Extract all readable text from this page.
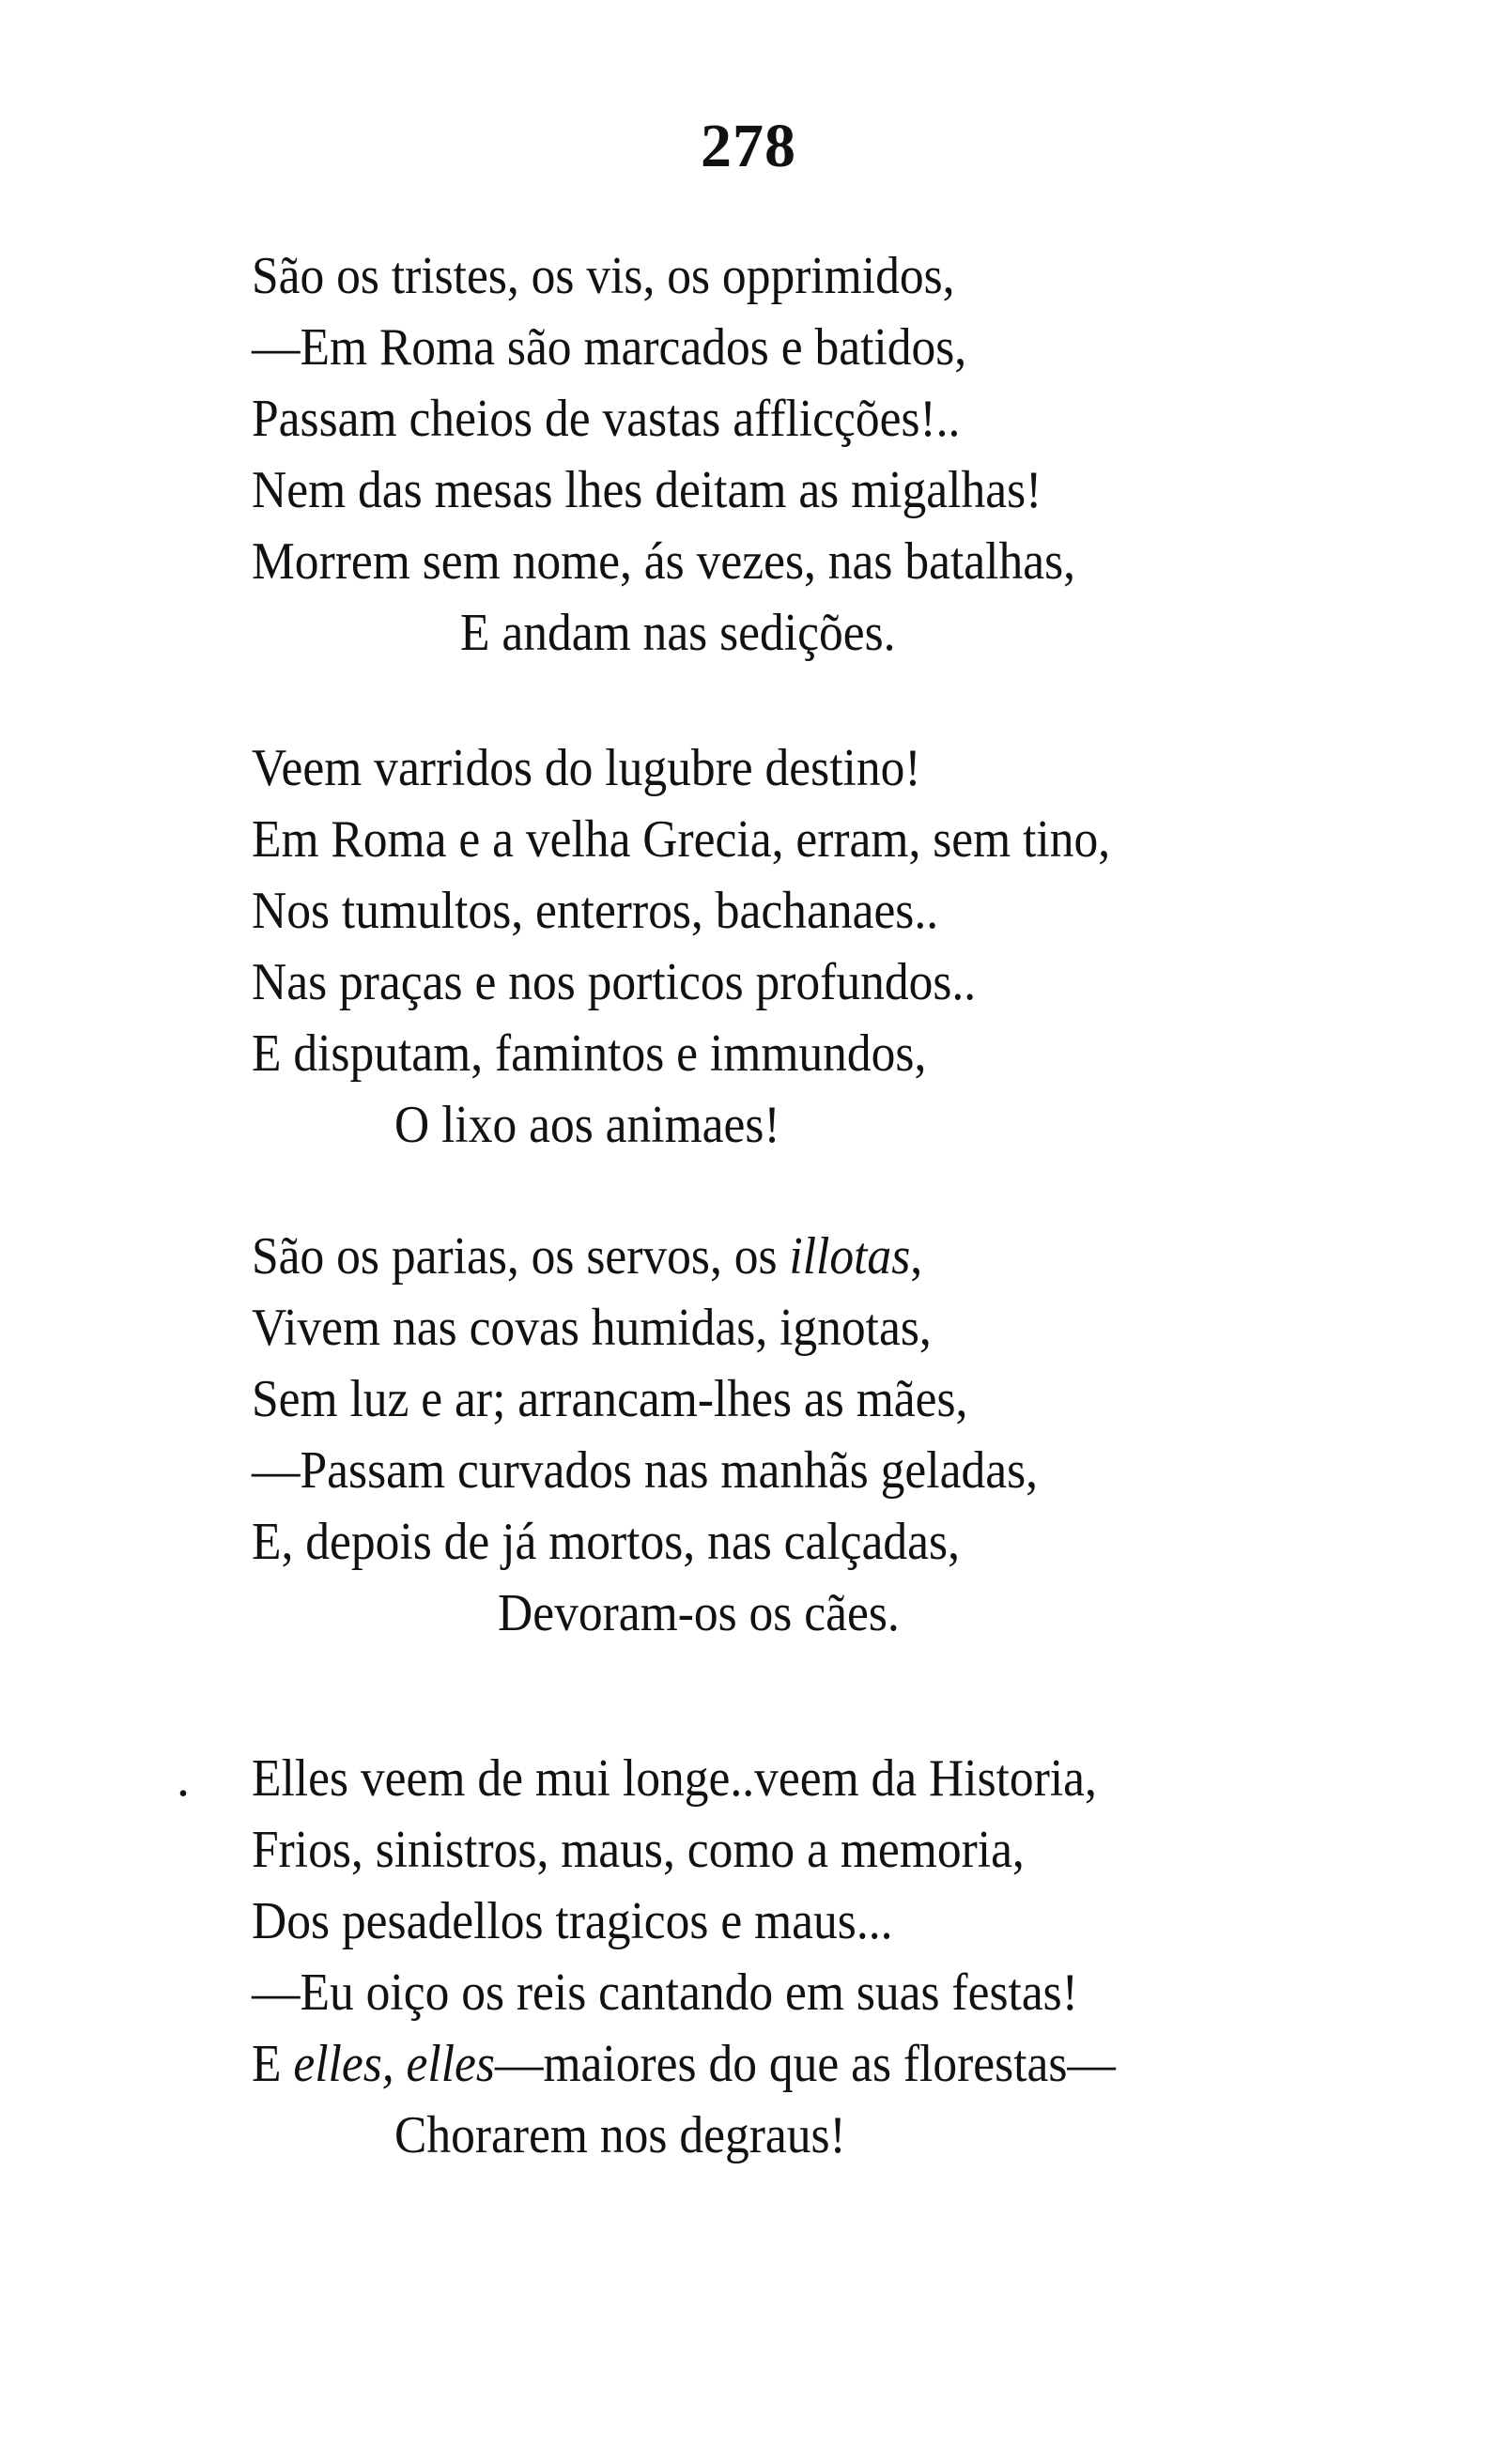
278
São os tristes, os vis, os opprimidos,
—Em Roma são marcados e batidos,
Passam cheios de vastas afflicções!..
Nem das mesas lhes deitam as migalhas!
Morrem sem nome, ás vezes, nas batalhas,
E andam nas sedições.
Veem varridos do lugubre destino!
Em Roma e a velha Grecia, erram, sem tino,
Nos tumultos, enterros, bachanaes..
Nas praças e nos porticos profundos..
E disputam, famintos e immundos,
O lixo aos animaes!
São os parias, os servos, os illotas,
Vivem nas covas humidas, ignotas,
Sem luz e ar; arrancam-lhes as mães,
—Passam curvados nas manhãs geladas,
E, depois de já mortos, nas calçadas,
Devoram-os os cães.
. Elles veem de mui longe..veem da Historia,
Frios, sinistros, maus, como a memoria,
Dos pesadellos tragicos e maus...
—Eu oiço os reis cantando em suas festas!
E elles, elles—maiores do que as florestas—
Chorarem nos degraus!
